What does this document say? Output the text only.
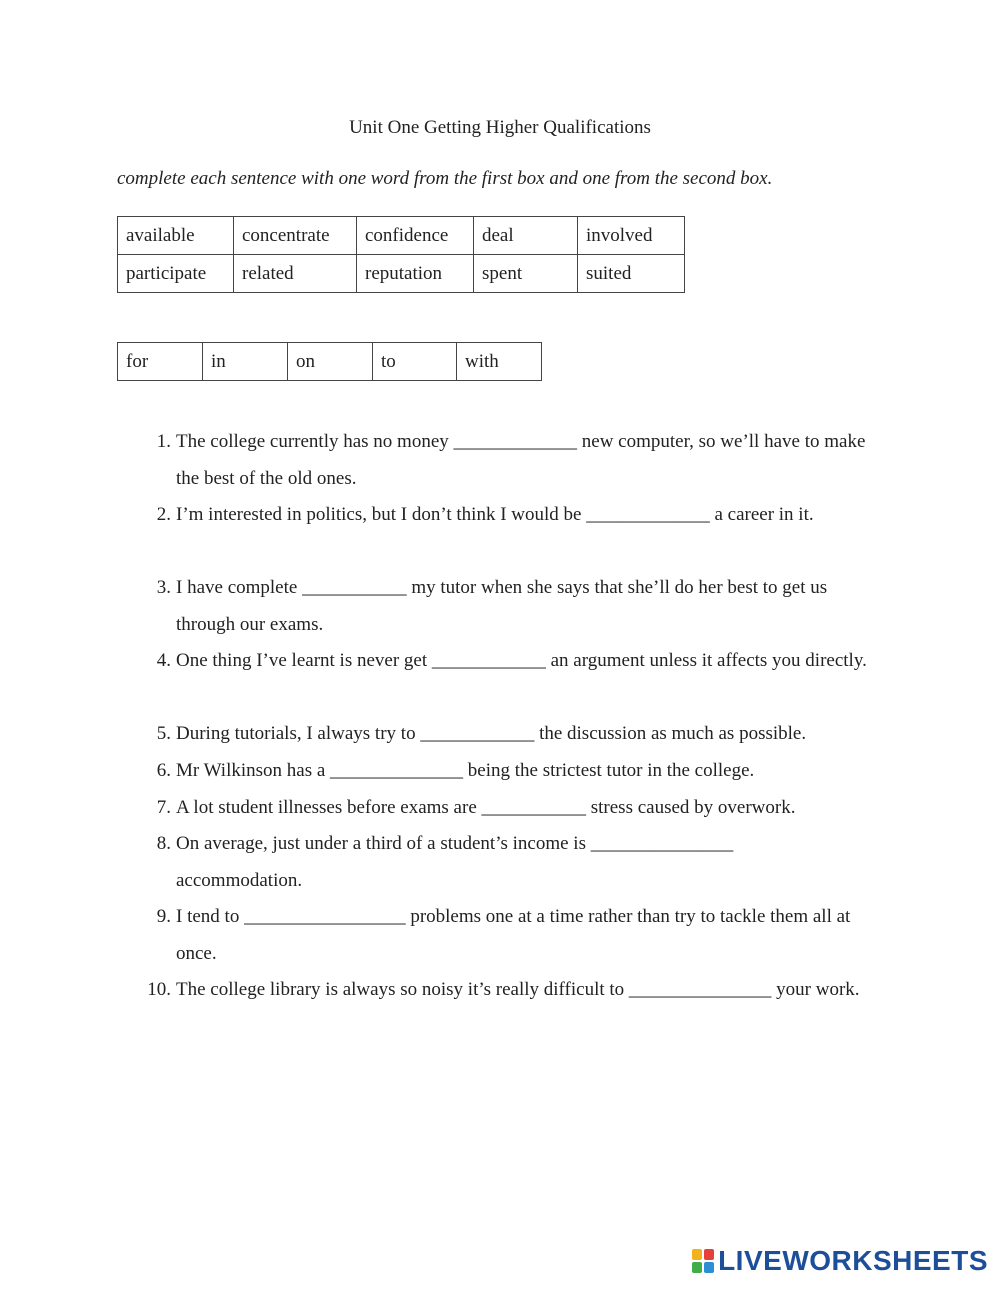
Unit One Getting Higher Qualifications
complete each sentence with one word from the first box and one from the second box.
available	concentrate	confidence	deal	involved
participate	related	reputation	spent	suited
for	in	on	to	with
1. The college currently has no money _____________ new computer, so we’ll have to make the best of the old ones.
2. I’m interested in politics, but I don’t think I would be _____________ a career in it.
3. I have complete ___________ my tutor when she says that she’ll do her best to get us through our exams.
4. One thing I’ve learnt is never get ____________ an argument unless it affects you directly.
5. During tutorials, I always try to ____________ the discussion as much as possible.
6. Mr Wilkinson has a ______________ being the strictest tutor in the college.
7. A lot student illnesses before exams are ___________ stress caused by overwork.
8. On average, just under a third of a student’s income is _______________ accommodation.
9. I tend to _________________ problems one at a time rather than try to tackle them all at once.
10. The college library is always so noisy it’s really difficult to _______________ your work.
LIVEWORKSHEETS
